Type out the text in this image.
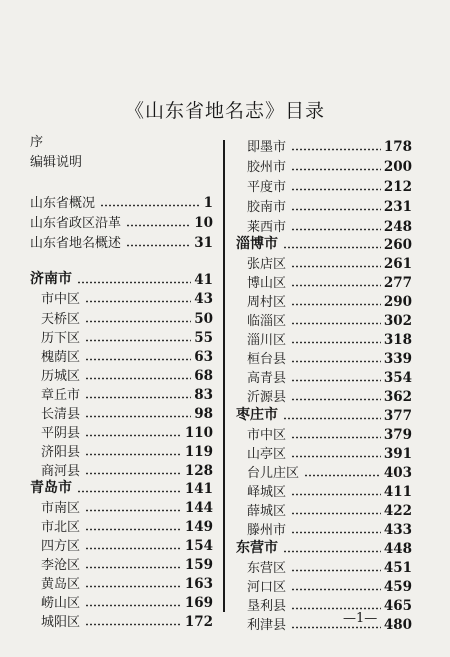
《山东省地名志》目录
序
编辑说明
山东省概况	1
山东省政区沿革	10
山东省地名概述	31
济南市	41
市中区	43
天桥区	50
历下区	55
槐荫区	63
历城区	68
章丘市	83
长清县	98
平阴县	110
济阳县	119
商河县	128
青岛市	141
市南区	144
市北区	149
四方区	154
李沧区	159
黄岛区	163
崂山区	169
城阳区	172
即墨市	178
胶州市	200
平度市	212
胶南市	231
莱西市	248
淄博市	260
张店区	261
博山区	277
周村区	290
临淄区	302
淄川区	318
桓台县	339
高青县	354
沂源县	362
枣庄市	377
市中区	379
山亭区	391
台儿庄区	403
峄城区	411
薛城区	422
滕州市	433
东营市	448
东营区	451
河口区	459
垦利县	465
利津县	480
—1—
